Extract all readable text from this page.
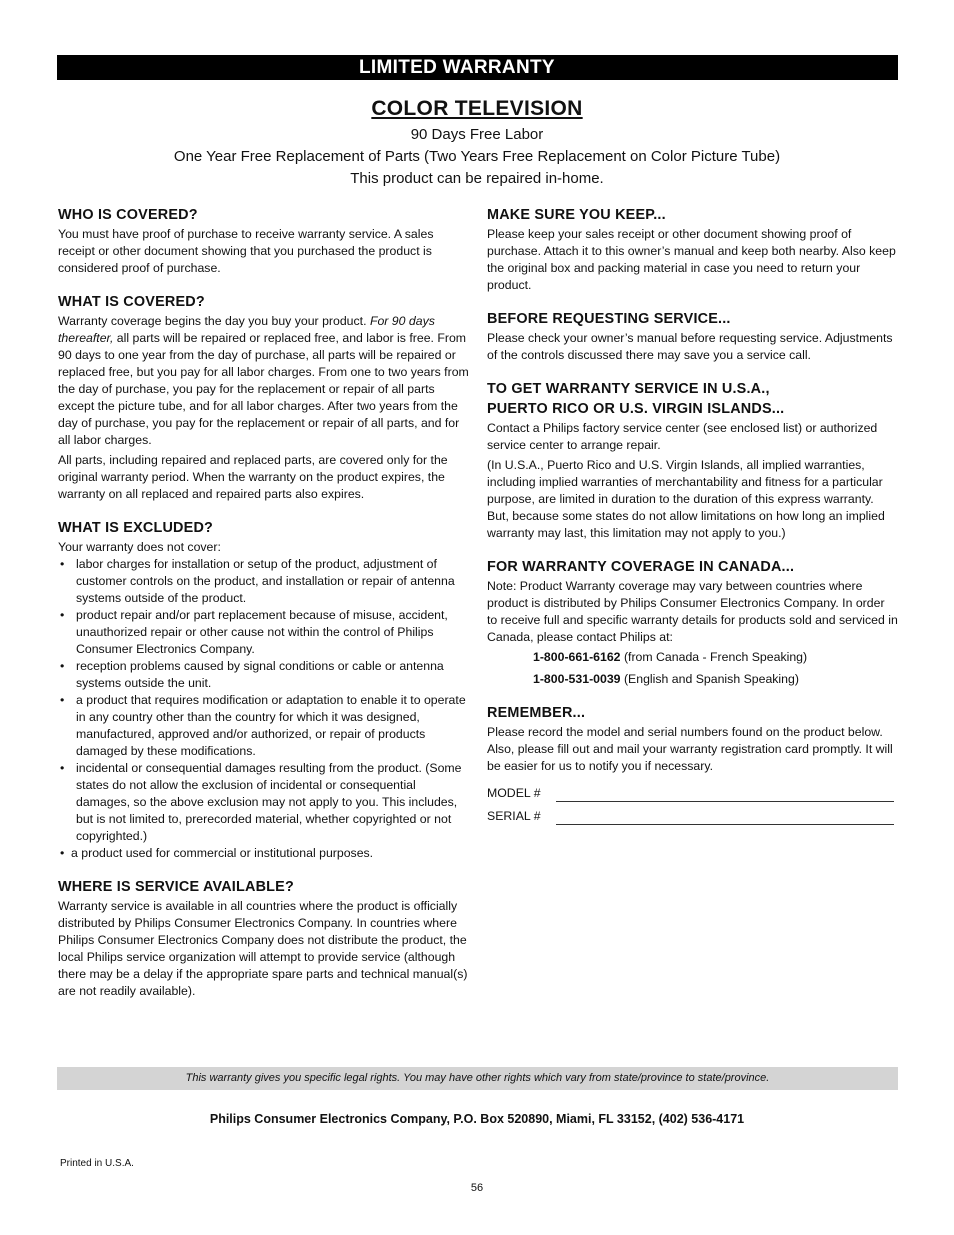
LIMITED WARRANTY
COLOR TELEVISION
90 Days Free Labor
One Year Free Replacement of Parts (Two Years Free Replacement on Color Picture Tube)
This product can be repaired in-home.
WHO IS COVERED?

You must have proof of purchase to receive warranty service. A sales receipt or other document showing that you purchased the product is considered proof of purchase.

WHAT IS COVERED?

Warranty coverage begins the day you buy your product. For 90 days thereafter, all parts will be repaired or replaced free, and labor is free. From 90 days to one year from the day of purchase, all parts will be repaired or replaced free, but you pay for all labor charges. From one to two years from the day of purchase, you pay for the replacement or repair of all parts except the picture tube, and for all labor charges. After two years from the day of purchase, you pay for the replacement or repair of all parts, and for all labor charges.

All parts, including repaired and replaced parts, are covered only for the original warranty period. When the warranty on the product expires, the warranty on all replaced and repaired parts also expires.

WHAT IS EXCLUDED?
Your warranty does not cover:
• labor charges for installation or setup of the product, adjustment of customer controls on the product, and installation or repair of antenna systems outside of the product.
• product repair and/or part replacement because of misuse, accident, unauthorized repair or other cause not within the control of Philips Consumer Electronics Company.
• reception problems caused by signal conditions or cable or antenna systems outside the unit.
• a product that requires modification or adaptation to enable it to operate in any country other than the country for which it was designed, manufactured, approved and/or authorized, or repair of products damaged by these modifications.
• incidental or consequential damages resulting from the product. (Some states do not allow the exclusion of incidental or consequential damages, so the above exclusion may not apply to you. This includes, but is not limited to, prerecorded material, whether copyrighted or not copyrighted.)
• a product used for commercial or institutional purposes.
WHERE IS SERVICE AVAILABLE?

Warranty service is available in all countries where the product is officially distributed by Philips Consumer Electronics Company. In countries where Philips Consumer Electronics Company does not distribute the product, the local Philips service organization will attempt to provide service (although there may be a delay if the appropriate spare parts and technical manual(s) are not readily available).

MAKE SURE YOU KEEP...

Please keep your sales receipt or other document showing proof of purchase. Attach it to this owner’s manual and keep both nearby. Also keep the original box and packing material in case you need to return your product.

BEFORE REQUESTING SERVICE...

Please check your owner’s manual before requesting service. Adjustments of the controls discussed there may save you a service call.

TO GET WARRANTY SERVICE IN U.S.A.,
PUERTO RICO OR U.S. VIRGIN ISLANDS...

Contact a Philips factory service center (see enclosed list) or authorized service center to arrange repair.

(In U.S.A., Puerto Rico and U.S. Virgin Islands, all implied warranties, including implied warranties of merchantability and fitness for a particular purpose, are limited in duration to the duration of this express warranty. But, because some states do not allow limitations on how long an implied warranty may last, this limitation may not apply to you.)

FOR WARRANTY COVERAGE IN CANADA...

Note: Product Warranty coverage may vary between countries where product is distributed by Philips Consumer Electronics Company. In order to receive full and specific warranty details for products sold and serviced in Canada, please contact Philips at:

1-800-661-6162 (from Canada - French Speaking)
1-800-531-0039 (English and Spanish Speaking)
REMEMBER...

Please record the model and serial numbers found on the product below. Also, please fill out and mail your warranty registration card promptly. It will be easier for us to notify you if necessary.

MODEL #
SERIAL #
This warranty gives you specific legal rights. You may have other rights which vary from state/province to state/province.
Philips Consumer Electronics Company, P.O. Box 520890, Miami, FL 33152, (402) 536-4171
Printed in U.S.A.
56
